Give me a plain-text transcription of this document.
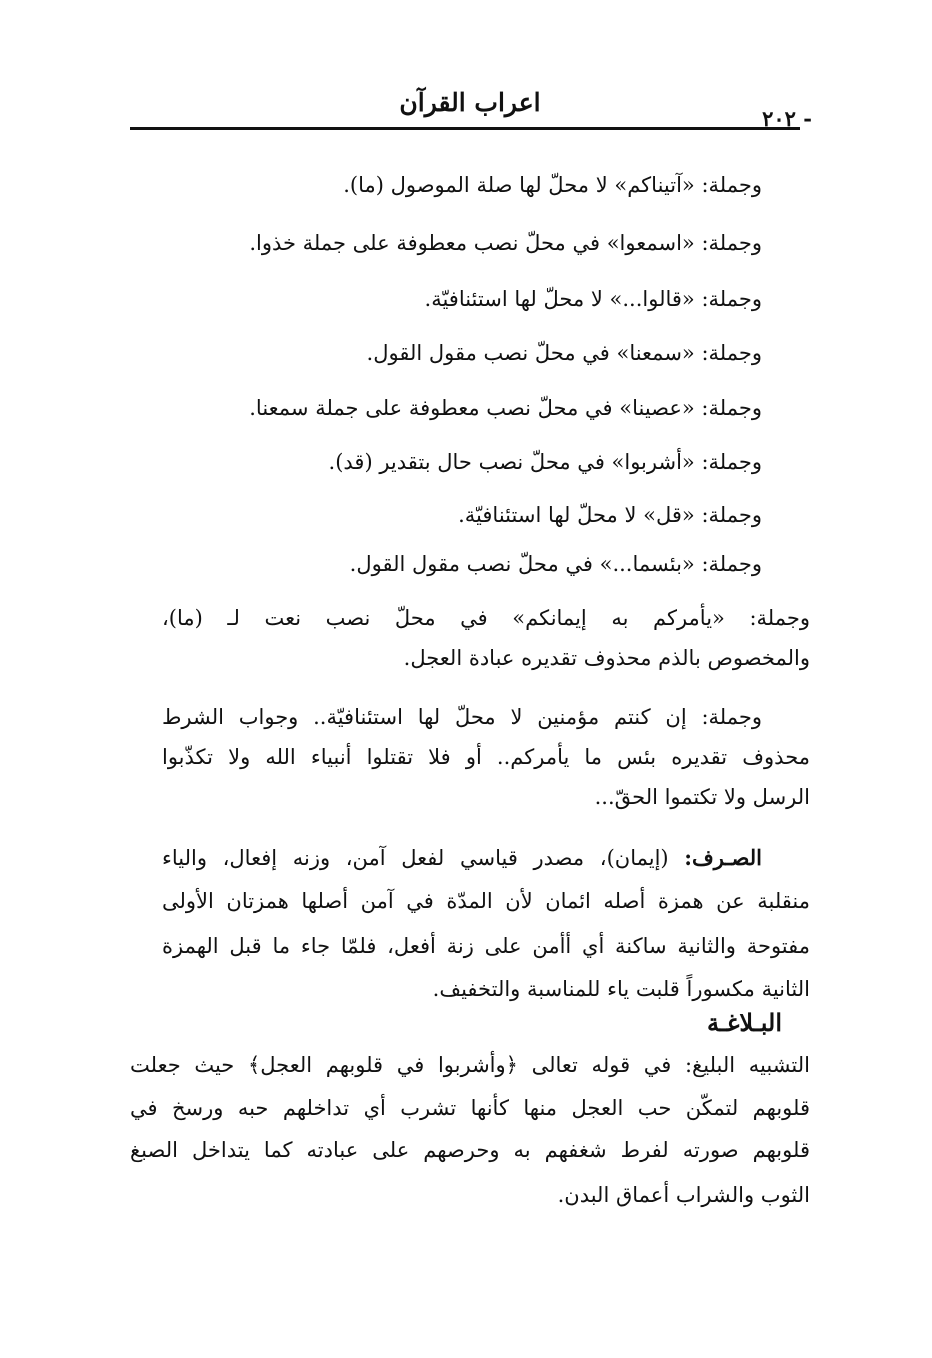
اعراب القرآن
- ٢٠٢
وجملة: «آتيناكم» لا محلّ لها صلة الموصول (ما).
وجملة: «اسمعوا» في محلّ نصب معطوفة على جملة خذوا.
وجملة: «قالوا...» لا محلّ لها استئنافيّة.
وجملة: «سمعنا» في محلّ نصب مقول القول.
وجملة: «عصينا» في محلّ نصب معطوفة على جملة سمعنا.
وجملة: «أشربوا» في محلّ نصب حال بتقدير (قد).
وجملة: «قل» لا محلّ لها استئنافيّة.
وجملة: «بئسما...» في محلّ نصب مقول القول.
وجملة: «يأمركم به إيمانكم» في محلّ نصب نعت لـ (ما)،
والمخصوص بالذم محذوف تقديره عبادة العجل.
وجملة: إن كنتم مؤمنين لا محلّ لها استئنافيّة.. وجواب الشرط
محذوف تقديره بئس ما يأمركم.. أو فلا تقتلوا أنبياء الله ولا تكذّبوا
الرسل ولا تكتموا الحقّ...
الصـرف: (إيمان)، مصدر قياسي لفعل آمن، وزنه إفعال، والياء
منقلبة عن همزة أصله ائمان لأن المدّة في آمن أصلها همزتان الأولى
مفتوحة والثانية ساكنة أي أأمن على زنة أفعل، فلمّا جاء ما قبل الهمزة
الثانية مكسوراً قلبت ياء للمناسبة والتخفيف.
البـلاغـة
التشبيه البليغ: في قوله تعالى ﴿وأشربوا في قلوبهم العجل﴾ حيث جعلت
قلوبهم لتمكّن حب العجل منها كأنها تشرب أي تداخلهم حبه ورسخ في
قلوبهم صورته لفرط شغفهم به وحرصهم على عبادته كما يتداخل الصبغ
الثوب والشراب أعماق البدن.
